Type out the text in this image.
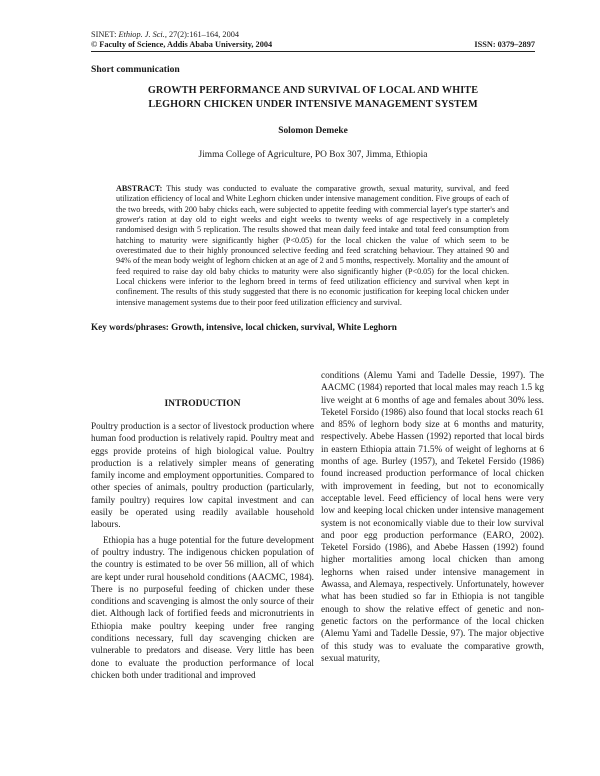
SINET: Ethiop. J. Sci., 27(2):161–164, 2004
© Faculty of Science, Addis Ababa University, 2004	ISSN: 0379–2897
Short communication
GROWTH PERFORMANCE AND SURVIVAL OF LOCAL AND WHITE
LEGHORN CHICKEN UNDER INTENSIVE MANAGEMENT SYSTEM
Solomon Demeke
Jimma College of Agriculture, PO Box 307, Jimma, Ethiopia
ABSTRACT: This study was conducted to evaluate the comparative growth, sexual maturity, survival, and feed utilization efficiency of local and White Leghorn chicken under intensive management condition. Five groups of each of the two breeds, with 200 baby chicks each, were subjected to appetite feeding with commercial layer's type starter's and grower's ration at day old to eight weeks and eight weeks to twenty weeks of age respectively in a completely randomised design with 5 replication. The results showed that mean daily feed intake and total feed consumption from hatching to maturity were significantly higher (P<0.05) for the local chicken the value of which seem to be overestimated due to their highly pronounced selective feeding and feed scratching behaviour. They attained 90 and 94% of the mean body weight of leghorn chicken at an age of 2 and 5 months, respectively. Mortality and the amount of feed required to raise day old baby chicks to maturity were also significantly higher (P<0.05) for the local chicken. Local chickens were inferior to the leghorn breed in terms of feed utilization efficiency and survival when kept in confinement. The results of this study suggested that there is no economic justification for keeping local chicken under intensive management systems due to their poor feed utilization efficiency and survival.
Key words/phrases: Growth, intensive, local chicken, survival, White Leghorn
INTRODUCTION

Poultry production is a sector of livestock production where human food production is relatively rapid. Poultry meat and eggs provide proteins of high biological value. Poultry production is a relatively simpler means of generating family income and employment opportunities. Compared to other species of animals, poultry production (particularly, family poultry) requires low capital investment and can easily be operated using readily available household labours.

Ethiopia has a huge potential for the future development of poultry industry. The indigenous chicken population of the country is estimated to be over 56 million, all of which are kept under rural household conditions (AACMC, 1984). There is no purposeful feeding of chicken under these conditions and scavenging is almost the only source of their diet. Although lack of fortified feeds and micronutrients in Ethiopia make poultry keeping under free ranging conditions necessary, full day scavenging chicken are vulnerable to predators and disease. Very little has been done to evaluate the production performance of local chicken both under traditional and improved

conditions (Alemu Yami and Tadelle Dessie, 1997). The AACMC (1984) reported that local males may reach 1.5 kg live weight at 6 months of age and females about 30% less. Teketel Forsido (1986) also found that local stocks reach 61 and 85% of leghorn body size at 6 months and maturity, respectively. Abebe Hassen (1992) reported that local birds in eastern Ethiopia attain 71.5% of weight of leghorns at 6 months of age. Burley (1957), and Teketel Fersido (1986) found increased production performance of local chicken with improvement in feeding, but not to economically acceptable level. Feed efficiency of local hens were very low and keeping local chicken under intensive management system is not economically viable due to their low survival and poor egg production performance (EARO, 2002). Teketel Forsido (1986), and Abebe Hassen (1992) found higher mortalities among local chicken than among leghorns when raised under intensive management in Awassa, and Alemaya, respectively. Unfortunately, however what has been studied so far in Ethiopia is not tangible enough to show the relative effect of genetic and non-genetic factors on the performance of the local chicken (Alemu Yami and Tadelle Dessie, 97). The major objective of this study was to evaluate the comparative growth, sexual maturity,
